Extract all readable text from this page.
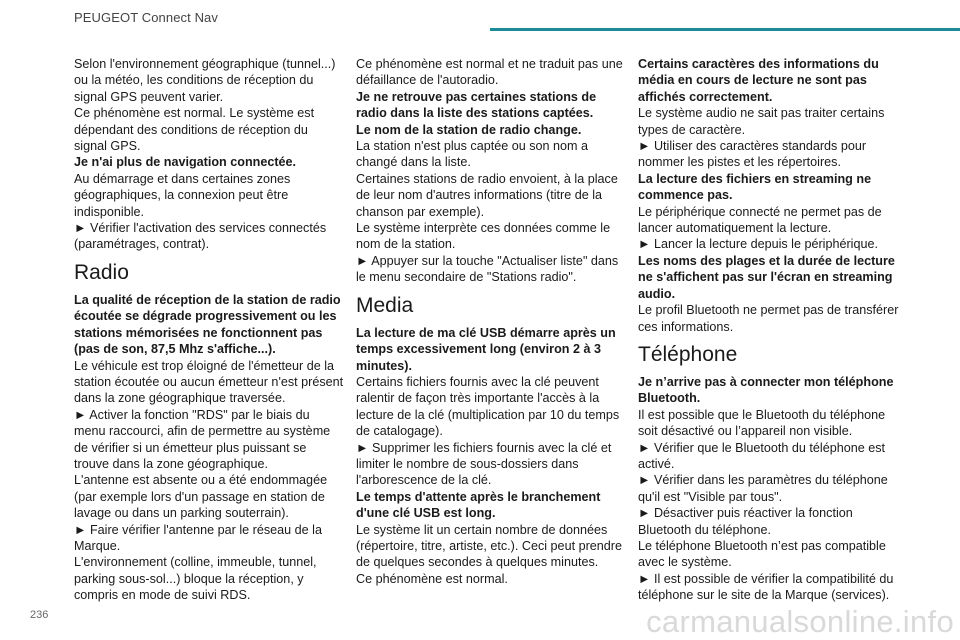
PEUGEOT Connect Nav

Selon l'environnement géographique (tunnel...) ou la météo, les conditions de réception du signal GPS peuvent varier.

Ce phénomène est normal. Le système est dépendant des conditions de réception du signal GPS.

Je n'ai plus de navigation connectée.

Au démarrage et dans certaines zones géographiques, la connexion peut être indisponible.

► Vérifier l'activation des services connectés (paramétrages, contrat).

Radio

La qualité de réception de la station de radio écoutée se dégrade progressivement ou les stations mémorisées ne fonctionnent pas (pas de son, 87,5 Mhz s'affiche...).

Le véhicule est trop éloigné de l'émetteur de la station écoutée ou aucun émetteur n'est présent dans la zone géographique traversée.

► Activer la fonction "RDS" par le biais du menu raccourci, afin de permettre au système de vérifier si un émetteur plus puissant se trouve dans la zone géographique.

L'antenne est absente ou a été endommagée (par exemple lors d'un passage en station de lavage ou dans un parking souterrain).

► Faire vérifier l'antenne par le réseau de la Marque.

L'environnement (colline, immeuble, tunnel, parking sous-sol...) bloque la réception, y compris en mode de suivi RDS.

Ce phénomène est normal et ne traduit pas une défaillance de l'autoradio.

Je ne retrouve pas certaines stations de radio dans la liste des stations captées.

Le nom de la station de radio change.

La station n'est plus captée ou son nom a changé dans la liste.

Certaines stations de radio envoient, à la place de leur nom d'autres informations (titre de la chanson par exemple).

Le système interprète ces données comme le nom de la station.

► Appuyer sur la touche "Actualiser liste" dans le menu secondaire de "Stations radio".

Media

La lecture de ma clé USB démarre après un temps excessivement long (environ 2 à 3 minutes).

Certains fichiers fournis avec la clé peuvent ralentir de façon très importante l'accès à la lecture de la clé (multiplication par 10 du temps de catalogage).

► Supprimer les fichiers fournis avec la clé et limiter le nombre de sous-dossiers dans l'arborescence de la clé.

Le temps d'attente après le branchement d'une clé USB est long.

Le système lit un certain nombre de données (répertoire, titre, artiste, etc.). Ceci peut prendre de quelques secondes à quelques minutes.

Ce phénomène est normal.

Certains caractères des informations du média en cours de lecture ne sont pas affichés correctement.

Le système audio ne sait pas traiter certains types de caractère.

► Utiliser des caractères standards pour nommer les pistes et les répertoires.

La lecture des fichiers en streaming ne commence pas.

Le périphérique connecté ne permet pas de lancer automatiquement la lecture.

► Lancer la lecture depuis le périphérique.

Les noms des plages et la durée de lecture ne s'affichent pas sur l'écran en streaming audio.

Le profil Bluetooth ne permet pas de transférer ces informations.

Téléphone

Je n’arrive pas à connecter mon téléphone Bluetooth.

Il est possible que le Bluetooth du téléphone soit désactivé ou l’appareil non visible.

► Vérifier que le Bluetooth du téléphone est activé.

► Vérifier dans les paramètres du téléphone qu'il est "Visible par tous".

► Désactiver puis réactiver la fonction Bluetooth du téléphone.

Le téléphone Bluetooth n’est pas compatible avec le système.

► Il est possible de vérifier la compatibilité du téléphone sur le site de la Marque (services).

236	carmanualsonline.info
